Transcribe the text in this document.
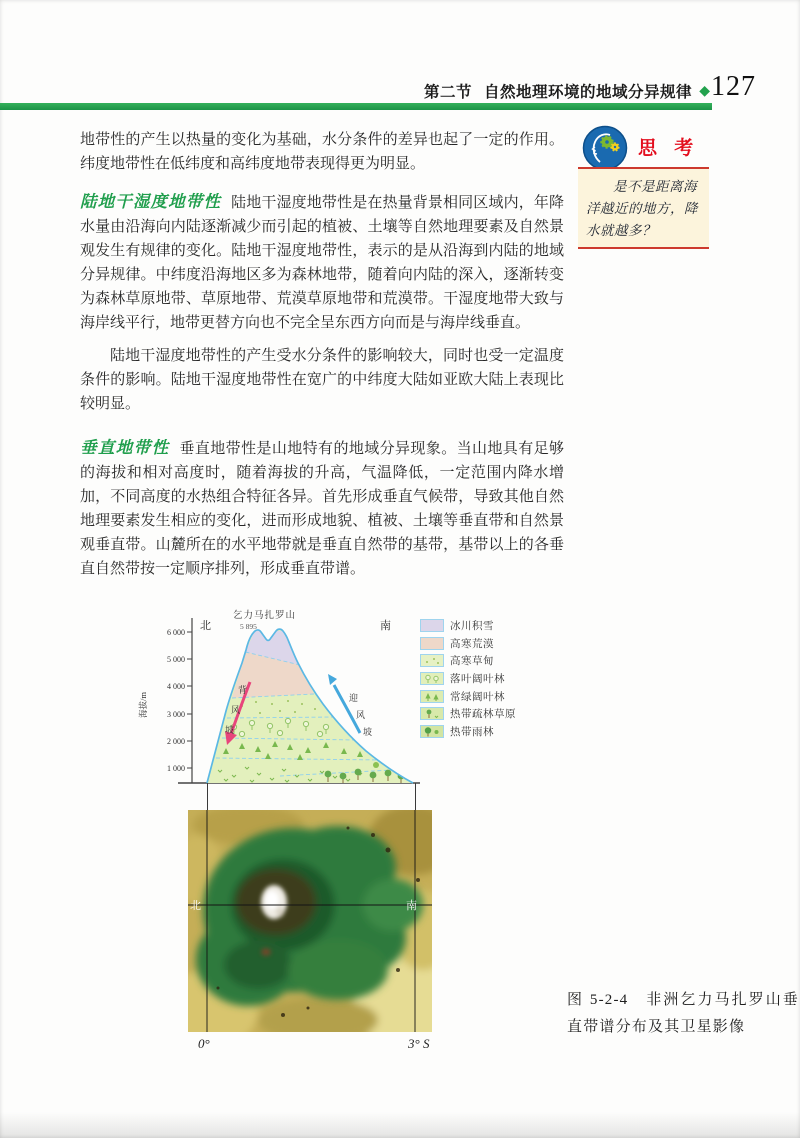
第二节 自然地理环境的地域分异规律 ◆ 127

地带性的产生以热量的变化为基础，水分条件的差异也起了一定的作用。纬度地带性在低纬度和高纬度地带表现得更为明显。

陆地干湿度地带性 陆地干湿度地带性是在热量背景相同区域内，年降水量由沿海向内陆逐渐减少而引起的植被、土壤等自然地理要素及自然景观发生有规律的变化。陆地干湿度地带性，表示的是从沿海到内陆的地域分异规律。中纬度沿海地区多为森林地带，随着向内陆的深入，逐渐转变为森林草原地带、草原地带、荒漠草原地带和荒漠带。干湿度地带大致与海岸线平行，地带更替方向也不完全呈东西方向而是与海岸线垂直。

陆地干湿度地带性的产生受水分条件的影响较大，同时也受一定温度条件的影响。陆地干湿度地带性在宽广的中纬度大陆如亚欧大陆上表现比较明显。

垂直地带性 垂直地带性是山地特有的地域分异现象。当山地具有足够的海拔和相对高度时，随着海拔的升高，气温降低，一定范围内降水增加，不同高度的水热组合特征各异。首先形成垂直气候带，导致其他自然地理要素发生相应的变化，进而形成地貌、植被、土壤等垂直带和自然景观垂直带。山麓所在的水平地带就是垂直自然带的基带，基带以上的各垂直自然带按一定顺序排列，形成垂直带谱。

思 考
是不是距离海洋越近的地方，降水就越多？
6 000
5 000
4 000
3 000
2 000
1 000
海拔/m
北	南
乞力马扎罗山
5 895
背
风
坡
迎
风
坡
冰川积雪
高寒荒漠
高寒草甸
落叶阔叶林
常绿阔叶林
热带疏林草原
热带雨林
北	南
0°	3° S
图 5-2-4　非洲乞力马扎罗山垂直带谱分布及其卫星影像
